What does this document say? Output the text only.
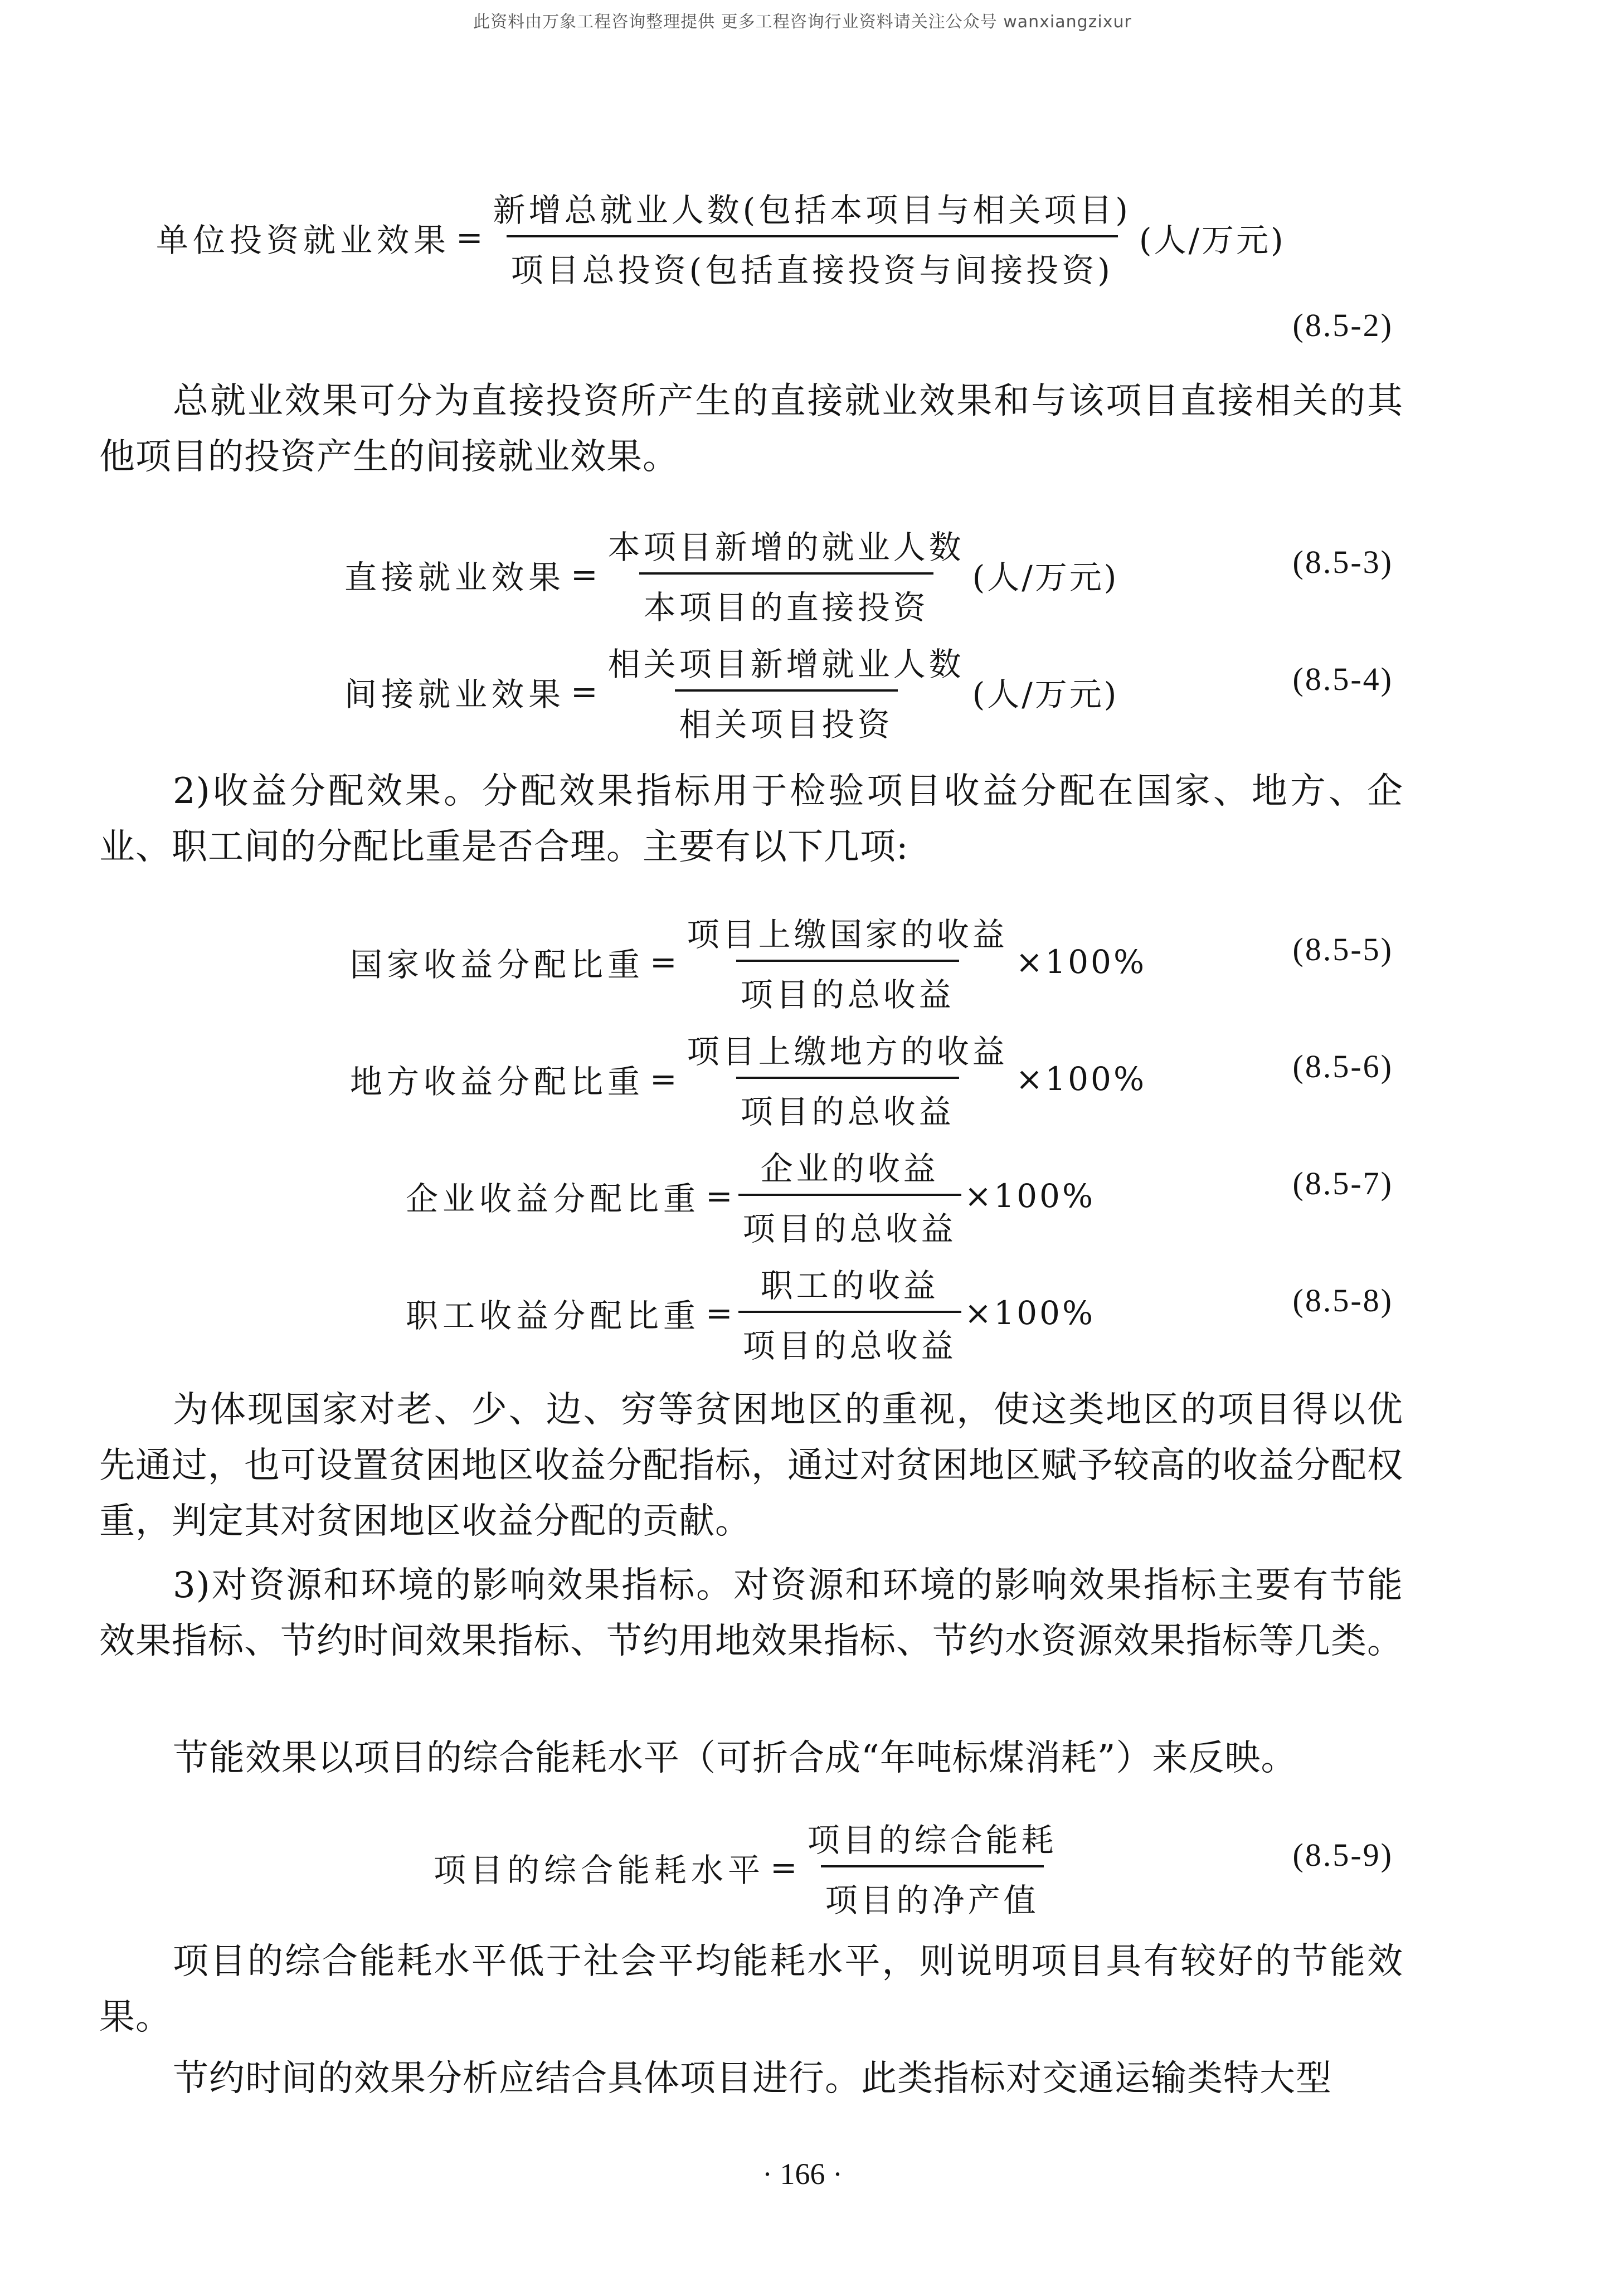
此资料由万象工程咨询整理提供 更多工程咨询行业资料请关注公众号 wanxiangzixur
单位投资就业效果 = $\frac{\text{新增总就业人数(包括本项目与相关项目)}}{\text{项目总投资(包括直接投资与间接投资)}}$ (人/万元)
(8.5-2)
总就业效果可分为直接投资所产生的直接就业效果和与该项目直接相关的其他项目的投资产生的间接就业效果。
直接就业效果 = $\frac{\text{本项目新增的就业人数}}{\text{本项目的直接投资}}$ (人/万元)	(8.5-3)
间接就业效果 = $\frac{\text{相关项目新增就业人数}}{\text{相关项目投资}}$ (人/万元)	(8.5-4)
2)收益分配效果。分配效果指标用于检验项目收益分配在国家、地方、企业、职工间的分配比重是否合理。主要有以下几项:
国家收益分配比重 = $\frac{\text{项目上缴国家的收益}}{\text{项目的总收益}} \times 100\%$	(8.5-5)
地方收益分配比重 = $\frac{\text{项目上缴地方的收益}}{\text{项目的总收益}} \times 100\%$	(8.5-6)
企业收益分配比重 = $\frac{\text{企业的收益}}{\text{项目的总收益}} \times 100\%$	(8.5-7)
职工收益分配比重 = $\frac{\text{职工的收益}}{\text{项目的总收益}} \times 100\%$	(8.5-8)
为体现国家对老、少、边、穷等贫困地区的重视，使这类地区的项目得以优先通过，也可设置贫困地区收益分配指标，通过对贫困地区赋予较高的收益分配权重，判定其对贫困地区收益分配的贡献。
3)对资源和环境的影响效果指标。对资源和环境的影响效果指标主要有节能效果指标、节约时间效果指标、节约用地效果指标、节约水资源效果指标等几类。
节能效果以项目的综合能耗水平（可折合成“年吨标煤消耗”）来反映。
项目的综合能耗水平 = $\frac{\text{项目的综合能耗}}{\text{项目的净产值}}$	(8.5-9)
项目的综合能耗水平低于社会平均能耗水平，则说明项目具有较好的节能效果。
节约时间的效果分析应结合具体项目进行。此类指标对交通运输类特大型
· 166 ·
